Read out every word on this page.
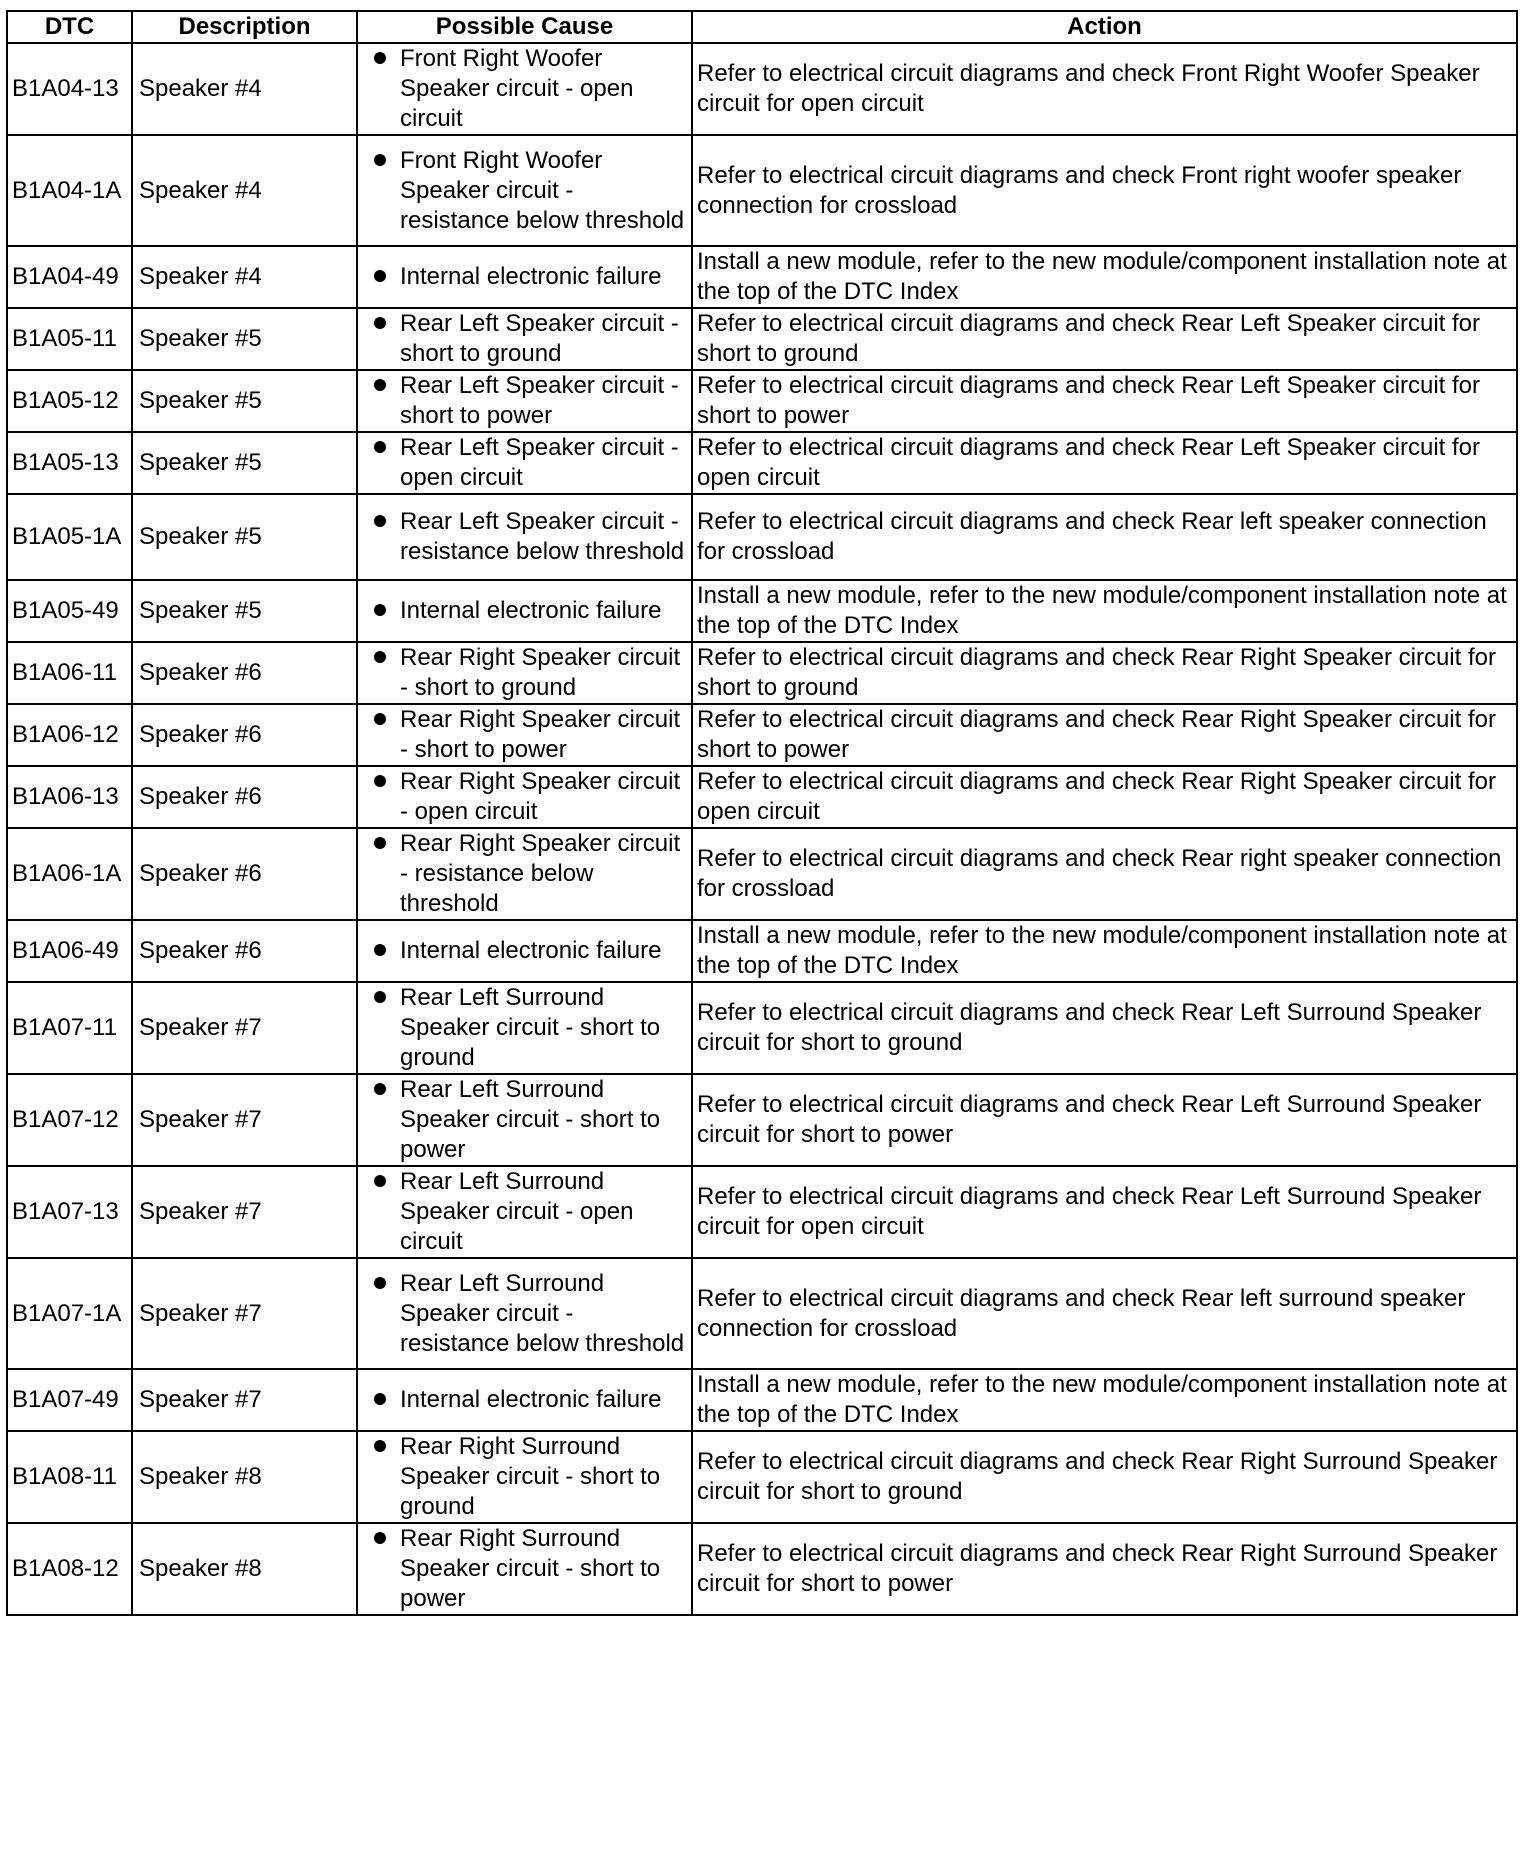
DTC	Description	Possible Cause	Action
B1A04-13	Speaker #4	Front Right Woofer Speaker circuit - open circuit	Refer to electrical circuit diagrams and check Front Right Woofer Speaker circuit for open circuit
B1A04-1A	Speaker #4	Front Right Woofer Speaker circuit - resistance below threshold	Refer to electrical circuit diagrams and check Front right woofer speaker connection for crossload
B1A04-49	Speaker #4	Internal electronic failure	Install a new module, refer to the new module/component installation note at the top of the DTC Index
B1A05-11	Speaker #5	Rear Left Speaker circuit - short to ground	Refer to electrical circuit diagrams and check Rear Left Speaker circuit for short to ground
B1A05-12	Speaker #5	Rear Left Speaker circuit - short to power	Refer to electrical circuit diagrams and check Rear Left Speaker circuit for short to power
B1A05-13	Speaker #5	Rear Left Speaker circuit - open circuit	Refer to electrical circuit diagrams and check Rear Left Speaker circuit for open circuit
B1A05-1A	Speaker #5	Rear Left Speaker circuit - resistance below threshold	Refer to electrical circuit diagrams and check Rear left speaker connection for crossload
B1A05-49	Speaker #5	Internal electronic failure	Install a new module, refer to the new module/component installation note at the top of the DTC Index
B1A06-11	Speaker #6	Rear Right Speaker circuit - short to ground	Refer to electrical circuit diagrams and check Rear Right Speaker circuit for short to ground
B1A06-12	Speaker #6	Rear Right Speaker circuit - short to power	Refer to electrical circuit diagrams and check Rear Right Speaker circuit for short to power
B1A06-13	Speaker #6	Rear Right Speaker circuit - open circuit	Refer to electrical circuit diagrams and check Rear Right Speaker circuit for open circuit
B1A06-1A	Speaker #6	Rear Right Speaker circuit - resistance below threshold	Refer to electrical circuit diagrams and check Rear right speaker connection for crossload
B1A06-49	Speaker #6	Internal electronic failure	Install a new module, refer to the new module/component installation note at the top of the DTC Index
B1A07-11	Speaker #7	Rear Left Surround Speaker circuit - short to ground	Refer to electrical circuit diagrams and check Rear Left Surround Speaker circuit for short to ground
B1A07-12	Speaker #7	Rear Left Surround Speaker circuit - short to power	Refer to electrical circuit diagrams and check Rear Left Surround Speaker circuit for short to power
B1A07-13	Speaker #7	Rear Left Surround Speaker circuit - open circuit	Refer to electrical circuit diagrams and check Rear Left Surround Speaker circuit for open circuit
B1A07-1A	Speaker #7	Rear Left Surround Speaker circuit - resistance below threshold	Refer to electrical circuit diagrams and check Rear left surround speaker connection for crossload
B1A07-49	Speaker #7	Internal electronic failure	Install a new module, refer to the new module/component installation note at the top of the DTC Index
B1A08-11	Speaker #8	Rear Right Surround Speaker circuit - short to ground	Refer to electrical circuit diagrams and check Rear Right Surround Speaker circuit for short to ground
B1A08-12	Speaker #8	Rear Right Surround Speaker circuit - short to power	Refer to electrical circuit diagrams and check Rear Right Surround Speaker circuit for short to power
